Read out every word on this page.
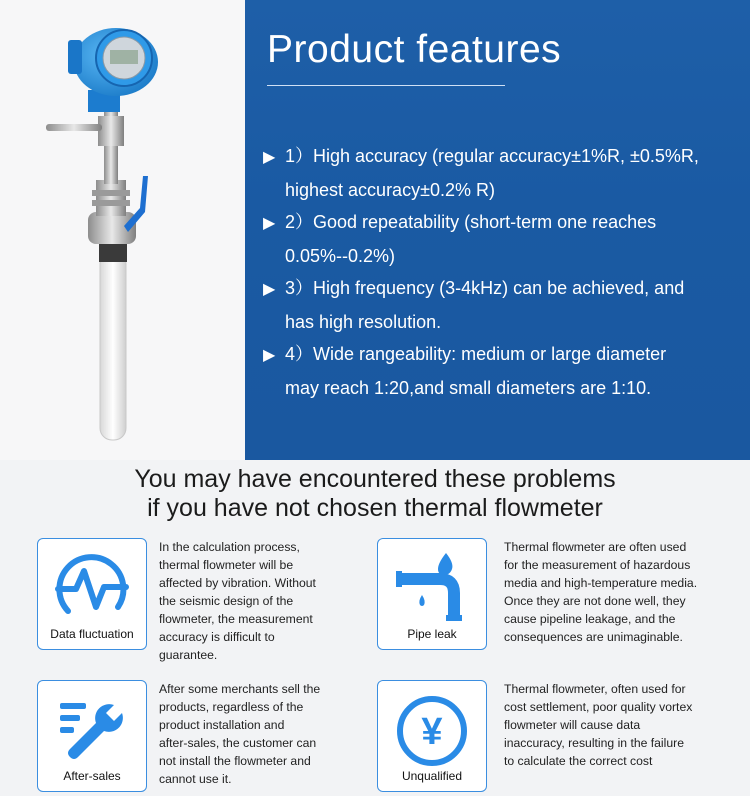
Product features
▶ 1）High accuracy (regular accuracy±1%R, ±0.5%R,
highest accuracy±0.2% R)
▶ 2）Good repeatability (short-term one reaches
0.05%--0.2%)
▶ 3）High frequency (3-4kHz) can be achieved, and
has high resolution.
▶ 4）Wide rangeability: medium or large diameter
may reach 1:20,and small diameters are 1:10.
You may have encountered these problems
if you have not chosen thermal flowmeter
Data fluctuation
In the calculation process,
thermal flowmeter will be
affected by vibration. Without
the seismic design of the
flowmeter, the measurement
accuracy is difficult to
guarantee.
Pipe leak
Thermal flowmeter are often used
for the measurement of hazardous
media and high-temperature media.
Once they are not done well, they
cause pipeline leakage, and the
consequences are unimaginable.
After-sales
After some merchants sell the
products, regardless of the
product installation and
after-sales, the customer can
not install the flowmeter and
cannot use it.
¥
Unqualified
Thermal flowmeter, often used for
cost settlement, poor quality vortex
flowmeter will cause data
inaccuracy, resulting in the failure
to calculate the correct cost
